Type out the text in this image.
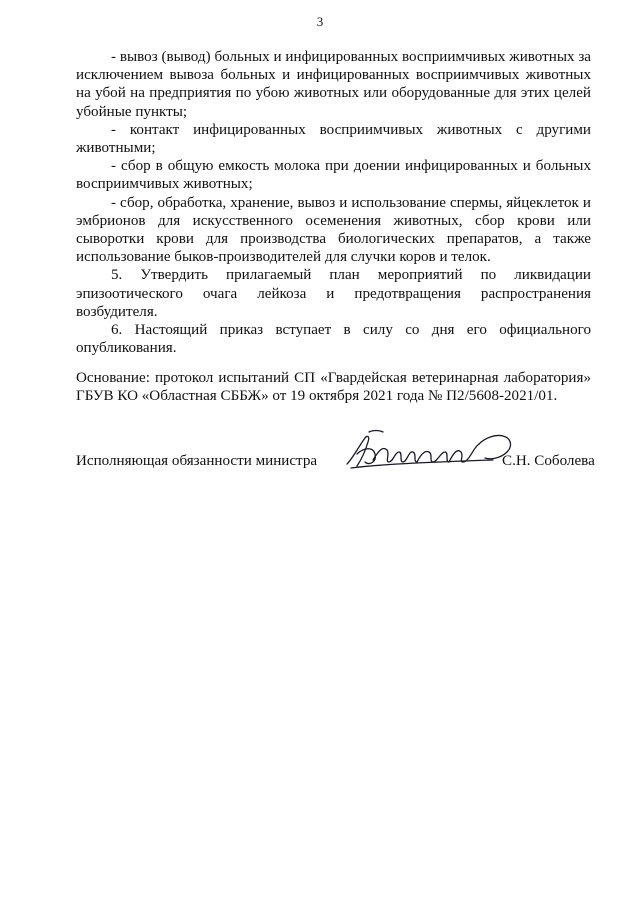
3

- вывоз (вывод) больных и инфицированных восприимчивых животных за исключением вывоза больных и инфицированных восприимчивых животных на убой на предприятия по убою животных или оборудованные для этих целей убойные пункты;

- контакт инфицированных восприимчивых животных с другими животными;

- сбор в общую емкость молока при доении инфицированных и больных восприимчивых животных;

- сбор, обработка, хранение, вывоз и использование спермы, яйцеклеток и эмбрионов для искусственного осеменения животных, сбор крови или сыворотки крови для производства биологических препаратов, а также использование быков-производителей для случки коров и телок.

5. Утвердить прилагаемый план мероприятий по ликвидации эпизоотического очага лейкоза и предотвращения распространения возбудителя.

6. Настоящий приказ вступает в силу со дня его официального опубликования.

Основание: протокол испытаний СП «Гвардейская ветеринарная лаборатория» ГБУВ КО «Областная СББЖ» от 19 октября 2021 года № П2/5608-2021/01.

Исполняющая обязанности министра	С.Н. Соболева
